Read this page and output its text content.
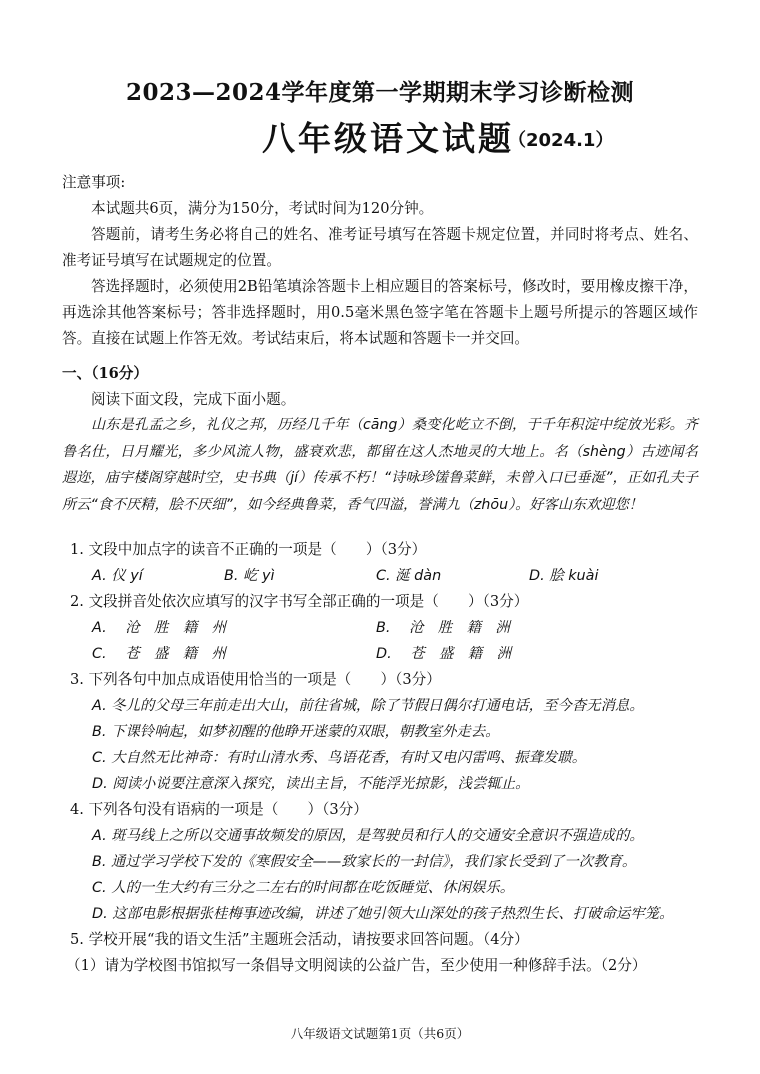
2023—2024学年度第一学期期末学习诊断检测
八年级语文试题
（2024.1）
注意事项:
本试题共6页，满分为150分，考试时间为120分钟。
答题前，请考生务必将自己的姓名、准考证号填写在答题卡规定位置，并同时将考点、姓名、准考证号填写在试题规定的位置。
答选择题时，必须使用2B铅笔填涂答题卡上相应题目的答案标号，修改时，要用橡皮擦干净，再选涂其他答案标号；答非选择题时，用0.5毫米黑色签字笔在答题卡上题号所提示的答题区域作答。直接在试题上作答无效。考试结束后，将本试题和答题卡一并交回。
一、（16分）
阅读下面文段，完成下面小题。
山东是孔孟之乡，礼仪之邦，历经几千年（cāng）桑变化屹立不倒，于千年积淀中绽放光彩。齐鲁名仕，日月耀光，多少风流人物，盛衰欢悲，都留在这人杰地灵的大地上。名（shèng）古迹闻名遐迩，庙宇楼阁穿越时空，史书典（jí）传承不朽！“诗咏珍馐鲁菜鲜，未曾入口已垂涎”，正如孔夫子所云“食不厌精，脍不厌细”，如今经典鲁菜，香气四溢，誉满九（zhōu）。好客山东欢迎您！
1. 文段中加点字的读音不正确的一项是（　　）（3分）
A. 仪 yí	B. 屹 yì	C. 涎 dàn	D. 脍 kuài
2. 文段拼音处依次应填写的汉字书写全部正确的一项是（　　）（3分）
A. 沧　胜　籍　州	B. 沧　胜　籍　洲
C. 苍　盛　籍　州	D. 苍　盛　籍　洲
3. 下列各句中加点成语使用恰当的一项是（　　）（3分）
A. 冬儿的父母三年前走出大山，前往省城，除了节假日偶尔打通电话，至今杳无消息。
B. 下课铃响起，如梦初醒的他睁开迷蒙的双眼，朝教室外走去。
C. 大自然无比神奇：有时山清水秀、鸟语花香，有时又电闪雷鸣、振聋发聩。
D. 阅读小说要注意深入探究，读出主旨，不能浮光掠影，浅尝辄止。
4. 下列各句没有语病的一项是（　　）（3分）
A. 斑马线上之所以交通事故频发的原因，是驾驶员和行人的交通安全意识不强造成的。
B. 通过学习学校下发的《寒假安全——致家长的一封信》，我们家长受到了一次教育。
C. 人的一生大约有三分之二左右的时间都在吃饭睡觉、休闲娱乐。
D. 这部电影根据张桂梅事迹改编，讲述了她引领大山深处的孩子热烈生长、打破命运牢笼。
5. 学校开展“我的语文生活”主题班会活动，请按要求回答问题。（4分）
（1）请为学校图书馆拟写一条倡导文明阅读的公益广告，至少使用一种修辞手法。（2分）
八年级语文试题第1页（共6页）
